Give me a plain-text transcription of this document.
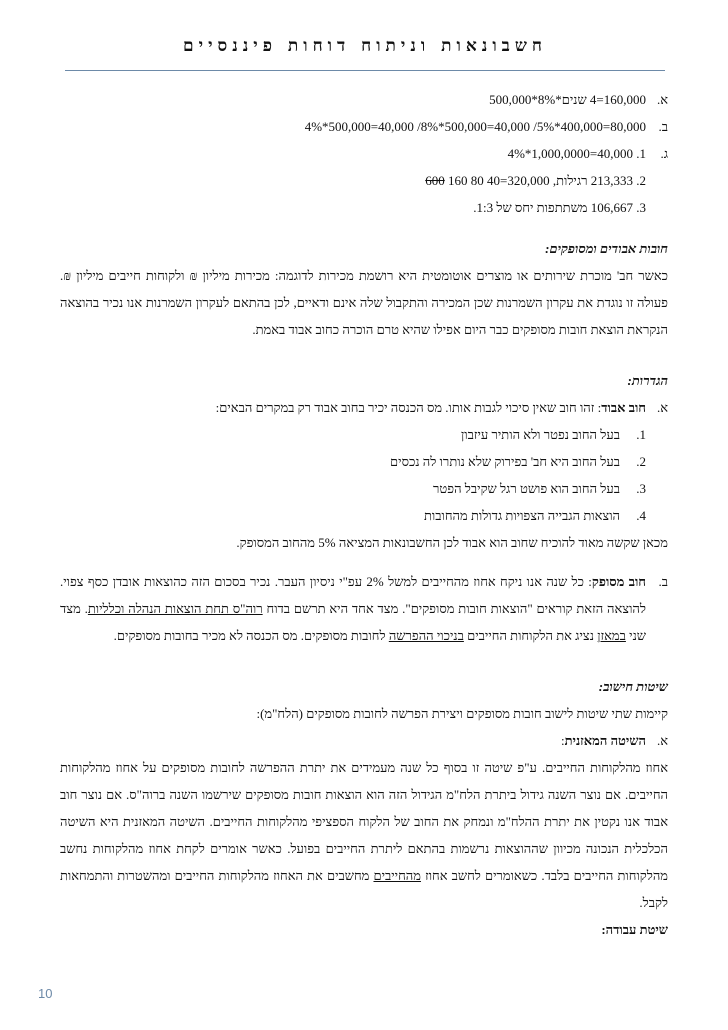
חשבונאות וניתוח דוחות פיננסיים
א.
160,000=4 שנים*8%*500,000
ב.
80,000=400,000*5%/ 40,000=500,000*8%/ 40,000=500,000*4%
ג.
1. 40,000=1,000,0000*4%
2. 213,333 רגילות, 320,000=40 80 160 600
3. 106,667 משתתפות יחס של 1:3.
חובות אבודים ומסופקים:
כאשר חב' מוכרת שירותים או מוצרים אוטומטית היא רושמת מכירות לדוגמה: מכירות מיליון ₪ ולקוחות חייבים מיליון ₪. פעולה זו נוגדת את עקרון השמרנות שכן המכירה והתקבול שלה אינם ודאיים, לכן בהתאם לעקרון השמרנות אנו נכיר בהוצאה הנקראת הוצאת חובות מסופקים כבר היום אפילו שהיא טרם הוכרה כחוב אבוד באמת.
הגדרות:
א.
חוב אבוד: זהו חוב שאין סיכוי לגבות אותו. מס הכנסה יכיר בחוב אבוד רק במקרים הבאים:
1.בעל החוב נפטר ולא הותיר עיזבון
2.בעל החוב היא חב' בפירוק שלא נותרו לה נכסים
3.בעל החוב הוא פושט רגל שקיבל הפטר
4.הוצאות הגבייה הצפויות גדולות מהחובות
מכאן שקשה מאוד להוכיח שחוב הוא אבוד לכן החשבונאות המציאה 5% מהחוב המסופק.
ב.
חוב מסופק: כל שנה אנו ניקח אחוז מהחייבים למשל 2% עפ"י ניסיון העבר. נכיר בסכום הזה כהוצאות אובדן כסף צפוי. להוצאה הזאת קוראים "הוצאות חובות מסופקים". מצד אחד היא תרשם בדוח רוה"ס תחת הוצאות הנהלה וכלליות. מצד שני במאזן נציג את הלקוחות החייבים בניכוי ההפרשה לחובות מסופקים. מס הכנסה לא מכיר בחובות מסופקים.
שיטות חישוב:
קיימות שתי שיטות לישוב חובות מסופקים ויצירת הפרשה לחובות מסופקים (הלח"מ):
א.
השיטה המאזנית:
אחוז מהלקוחות החייבים. ע"פ שיטה זו בסוף כל שנה מעמידים את יתרת ההפרשה לחובות מסופקים על אחוז מהלקוחות החייבים. אם נוצר השנה גידול ביתרת הלח"מ הגידול הזה הוא הוצאות חובות מסופקים שירשמו השנה ברוה"ס. אם נוצר חוב אבוד אנו נקטין את יתרת ההלח"מ ונמחק את החוב של הלקוח הספציפי מהלקוחות החייבים. השיטה המאזנית היא השיטה הכלכלית הנכונה מכיוון שההוצאות נרשמות בהתאם ליתרת החייבים בפועל. כאשר אומרים לקחת אחוז מהלקוחות נחשב מהלקוחות החייבים בלבד. כשאומרים לחשב אחוז מהחייבים מחשבים את האחוז מהלקוחות החייבים ומהשטרות והתמחאות לקבל.
שיטת עבודה:
10
